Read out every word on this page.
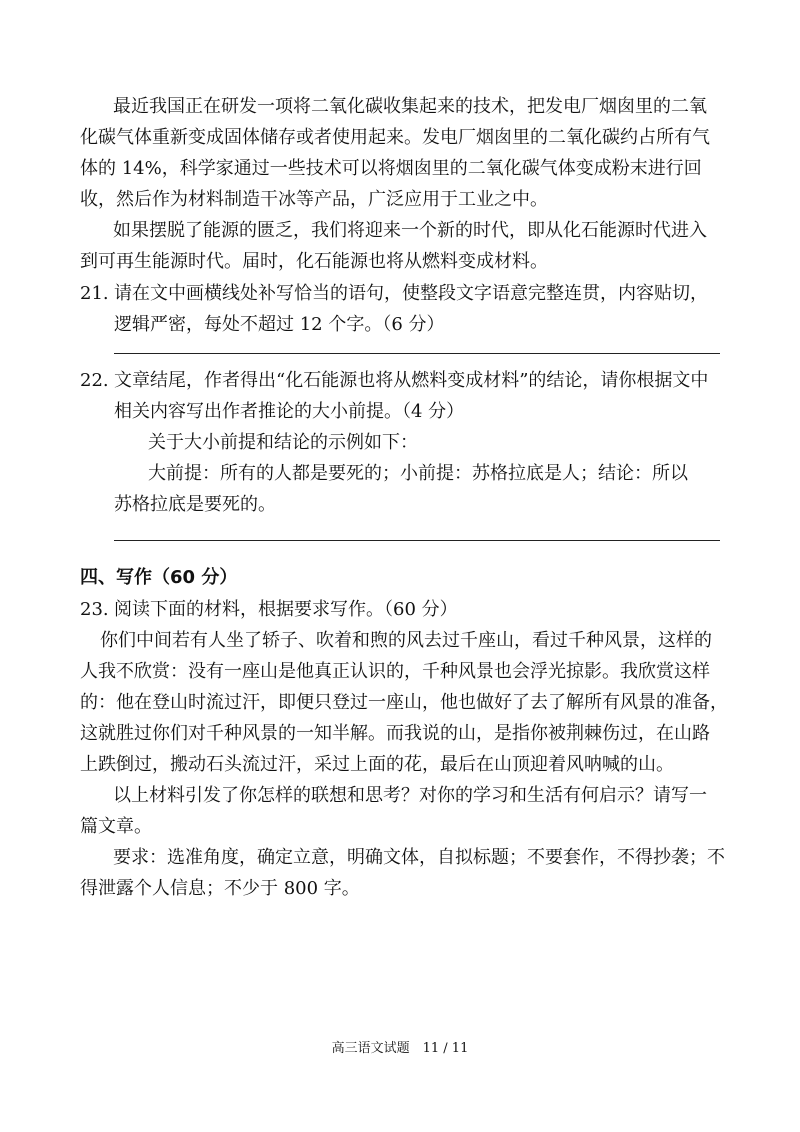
最近我国正在研发一项将二氧化碳收集起来的技术，把发电厂烟囱里的二氧
化碳气体重新变成固体储存或者使用起来。发电厂烟囱里的二氧化碳约占所有气
体的 14%，科学家通过一些技术可以将烟囱里的二氧化碳气体变成粉末进行回
收，然后作为材料制造干冰等产品，广泛应用于工业之中。
如果摆脱了能源的匮乏，我们将迎来一个新的时代，即从化石能源时代进入
到可再生能源时代。届时，化石能源也将从燃料变成材料。
21. 请在文中画横线处补写恰当的语句，使整段文字语意完整连贯，内容贴切，
逻辑严密，每处不超过 12 个字。（6 分）
22. 文章结尾，作者得出“化石能源也将从燃料变成材料”的结论，请你根据文中
相关内容写出作者推论的大小前提。（4 分）
关于大小前提和结论的示例如下：
大前提：所有的人都是要死的；小前提：苏格拉底是人；结论：所以
苏格拉底是要死的。
四、写作（60 分）
23. 阅读下面的材料，根据要求写作。（60 分）
你们中间若有人坐了轿子、吹着和煦的风去过千座山，看过千种风景，这样的
人我不欣赏：没有一座山是他真正认识的，千种风景也会浮光掠影。我欣赏这样
的：他在登山时流过汗，即便只登过一座山，他也做好了去了解所有风景的准备，
这就胜过你们对千种风景的一知半解。而我说的山，是指你被荆棘伤过，在山路
上跌倒过，搬动石头流过汗，采过上面的花，最后在山顶迎着风呐喊的山。
以上材料引发了你怎样的联想和思考？对你的学习和生活有何启示？请写一
篇文章。
要求：选准角度，确定立意，明确文体，自拟标题；不要套作，不得抄袭；不
得泄露个人信息；不少于 800 字。
高三语文试题　11 / 11
